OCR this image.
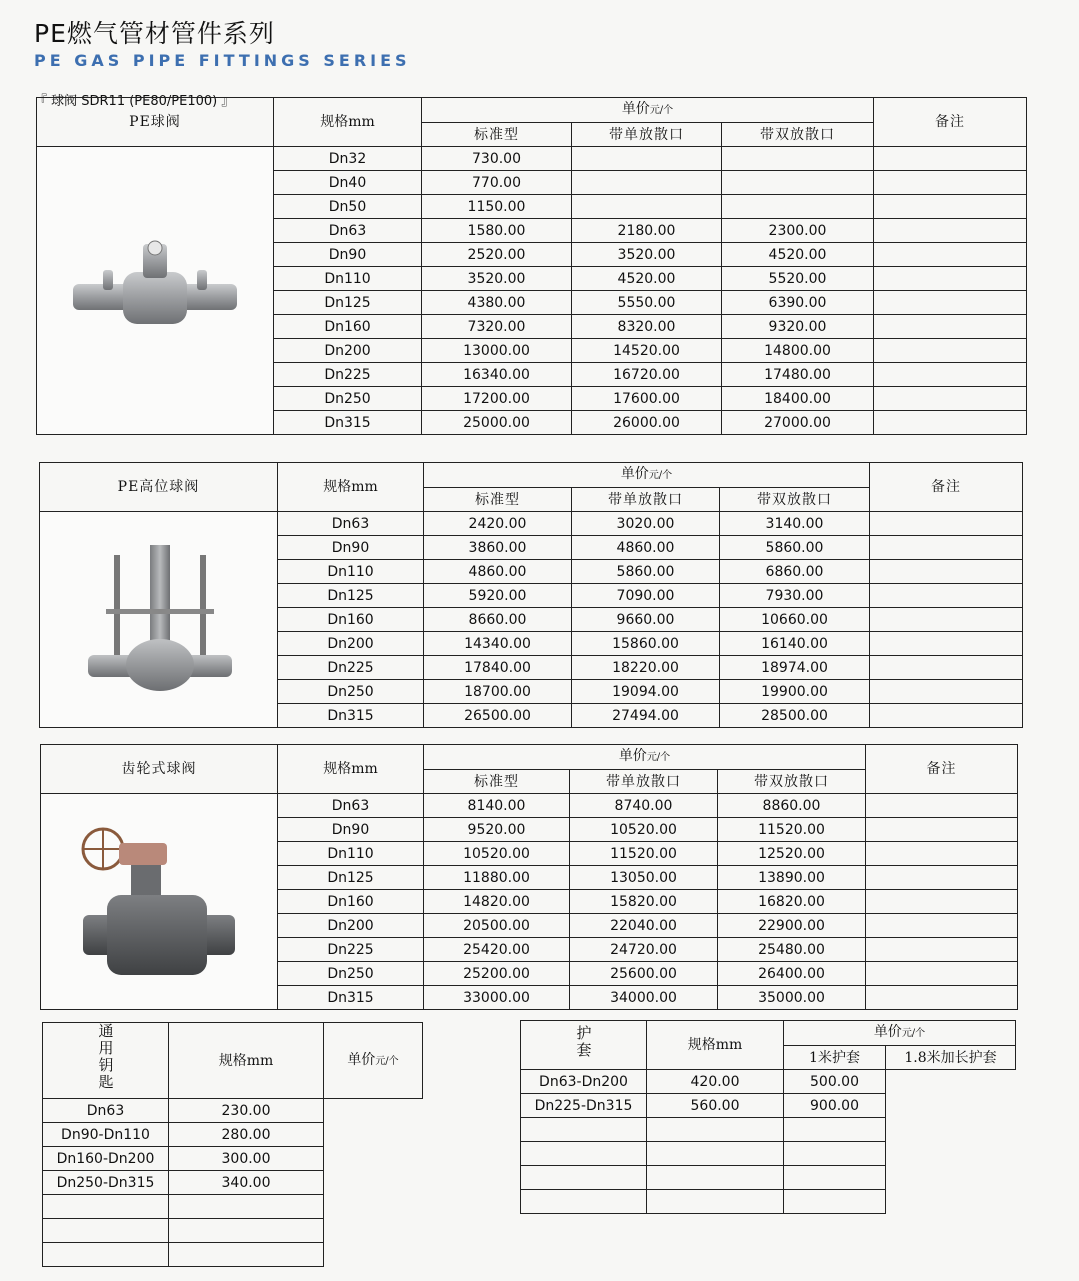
PE燃气管材管件系列
PE GAS PIPE FITTINGS SERIES
『 球阀 SDR11 (PE80/PE100) 』
PE球阀	规格mm	单价元/个			备注
		标准型	带单放散口	带双放散口	

	Dn32	730.00			
	Dn40	770.00			
	Dn50	1150.00			
	Dn63	1580.00	2180.00	2300.00	
	Dn90	2520.00	3520.00	4520.00	
	Dn110	3520.00	4520.00	5520.00	
	Dn125	4380.00	5550.00	6390.00	
	Dn160	7320.00	8320.00	9320.00	
	Dn200	13000.00	14520.00	14800.00	
	Dn225	16340.00	16720.00	17480.00	
	Dn250	17200.00	17600.00	18400.00	
	Dn315	25000.00	26000.00	27000.00	
PE高位球阀	规格mm	单价元/个			备注
		标准型	带单放散口	带双放散口	

	Dn63	2420.00	3020.00	3140.00	
	Dn90	3860.00	4860.00	5860.00	
	Dn110	4860.00	5860.00	6860.00	
	Dn125	5920.00	7090.00	7930.00	
	Dn160	8660.00	9660.00	10660.00	
	Dn200	14340.00	15860.00	16140.00	
	Dn225	17840.00	18220.00	18974.00	
	Dn250	18700.00	19094.00	19900.00	
	Dn315	26500.00	27494.00	28500.00	
齿轮式球阀	规格mm	单价元/个			备注
		标准型	带单放散口	带双放散口	

	Dn63	8140.00	8740.00	8860.00	
	Dn90	9520.00	10520.00	11520.00	
	Dn110	10520.00	11520.00	12520.00	
	Dn125	11880.00	13050.00	13890.00	
	Dn160	14820.00	15820.00	16820.00	
	Dn200	20500.00	22040.00	22900.00	
	Dn225	25420.00	24720.00	25480.00	
	Dn250	25200.00	25600.00	26400.00	
	Dn315	33000.00	34000.00	35000.00	
通用钥匙	规格mm	单价元/个
Dn63	230.00	
Dn90-Dn110	280.00	
Dn160-Dn200	300.00	
Dn250-Dn315	340.00	

护套	规格mm	单价元/个	
		1米护套	1.8米加长护套
Dn63-Dn200	420.00	500.00	
Dn225-Dn315	560.00	900.00	
